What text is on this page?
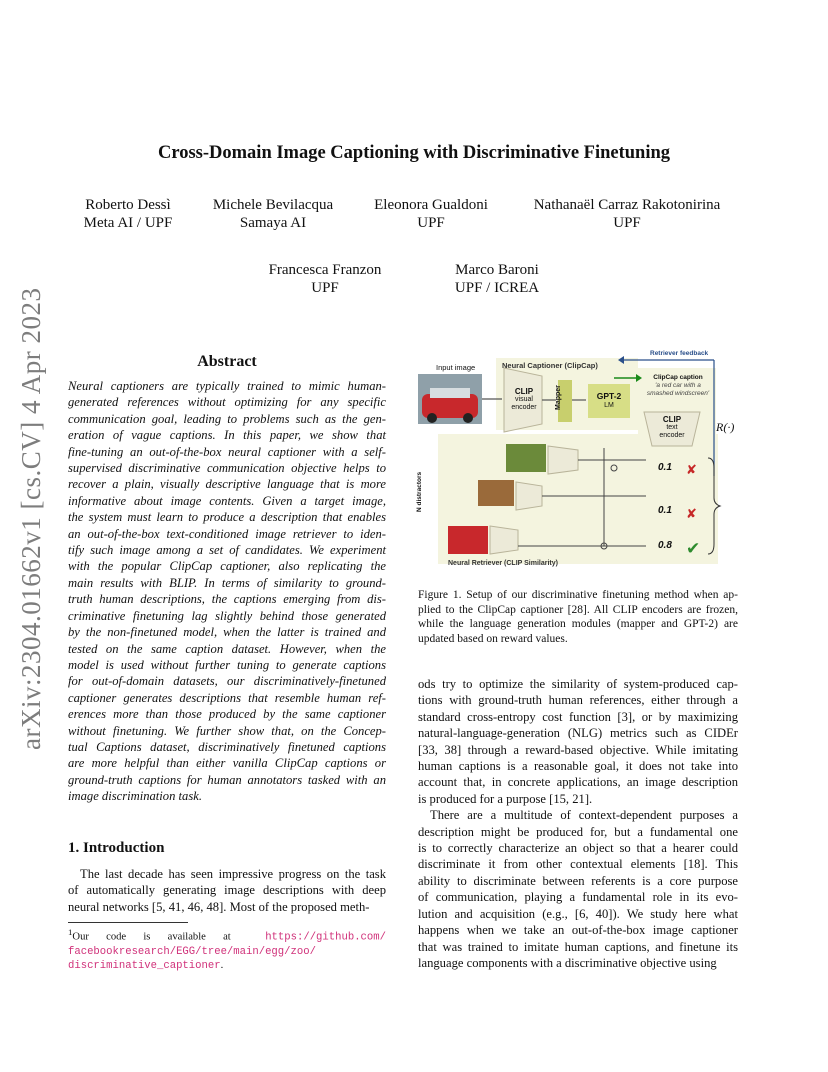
arXiv:2304.01662v1 [cs.CV] 4 Apr 2023
Cross-Domain Image Captioning with Discriminative Finetuning
Roberto Dessì
Meta AI / UPF
Michele Bevilacqua
Samaya AI
Eleonora Gualdoni
UPF
Nathanaël Carraz Rakotonirina
UPF
Francesca Franzon
UPF
Marco Baroni
UPF / ICREA
Abstract
Neural captioners are typically trained to mimic human-
generated references without optimizing for any specific
communication goal, leading to problems such as the gen-
eration of vague captions. In this paper, we show that
fine-tuning an out-of-the-box neural captioner with a self-
supervised discriminative communication objective helps to
recover a plain, visually descriptive language that is more
informative about image contents. Given a target image,
the system must learn to produce a description that enables
an out-of-the-box text-conditioned image retriever to iden-
tify such image among a set of candidates. We experiment
with the popular ClipCap captioner, also replicating the
main results with BLIP. In terms of similarity to ground-
truth human descriptions, the captions emerging from dis-
criminative finetuning lag slightly behind those generated
by the non-finetuned model, when the latter is trained and
tested on the same caption dataset. However, when the
model is used without further tuning to generate captions
for out-of-domain datasets, our discriminatively-finetuned
captioner generates descriptions that resemble human ref-
erences more than those produced by the same captioner
without finetuning. We further show that, on the Concep-
tual Captions dataset, discriminatively finetuned captions
are more helpful than either vanilla ClipCap captions or
ground-truth captions for human annotators tasked with an
image discrimination task.
1. Introduction
The last decade has seen impressive progress on the task
of automatically generating image descriptions with deep
neural networks [5, 41, 46, 48]. Most of the proposed meth-
$^1$Our code is available at	https://github.com/
facebookresearch/EGG/tree/main/egg/zoo/
discriminative_captioner.
✘
✘
✔
Input image	Neural Captioner (ClipCap)
CLIP
visual
encoder	Mapper	GPT-2
LM
Retriever feedback
ClipCap caption
'a red car with a
smashed windscreen'
CLIP
text
encoder
R(·)
N distractors
0.1
0.1
0.8
Neural Retriever (CLIP Similarity)
Figure 1. Setup of our discriminative finetuning method when ap-
plied to the ClipCap captioner [28]. All CLIP encoders are frozen,
while the language generation modules (mapper and GPT-2) are
updated based on reward values.
ods try to optimize the similarity of system-produced cap-
tions with ground-truth human references, either through a
standard cross-entropy cost function [3], or by maximizing
natural-language-generation (NLG) metrics such as CIDEr
[33, 38] through a reward-based objective. While imitating
human captions is a reasonable goal, it does not take into
account that, in concrete applications, an image description
is produced for a purpose [15, 21].
There are a multitude of context-dependent purposes a
description might be produced for, but a fundamental one
is to correctly characterize an object so that a hearer could
discriminate it from other contextual elements [18]. This
ability to discriminate between referents is a core purpose
of communication, playing a fundamental role in its evo-
lution and acquisition (e.g., [6, 40]). We study here what
happens when we take an out-of-the-box image captioner
that was trained to imitate human captions, and finetune its
language components with a discriminative objective using
